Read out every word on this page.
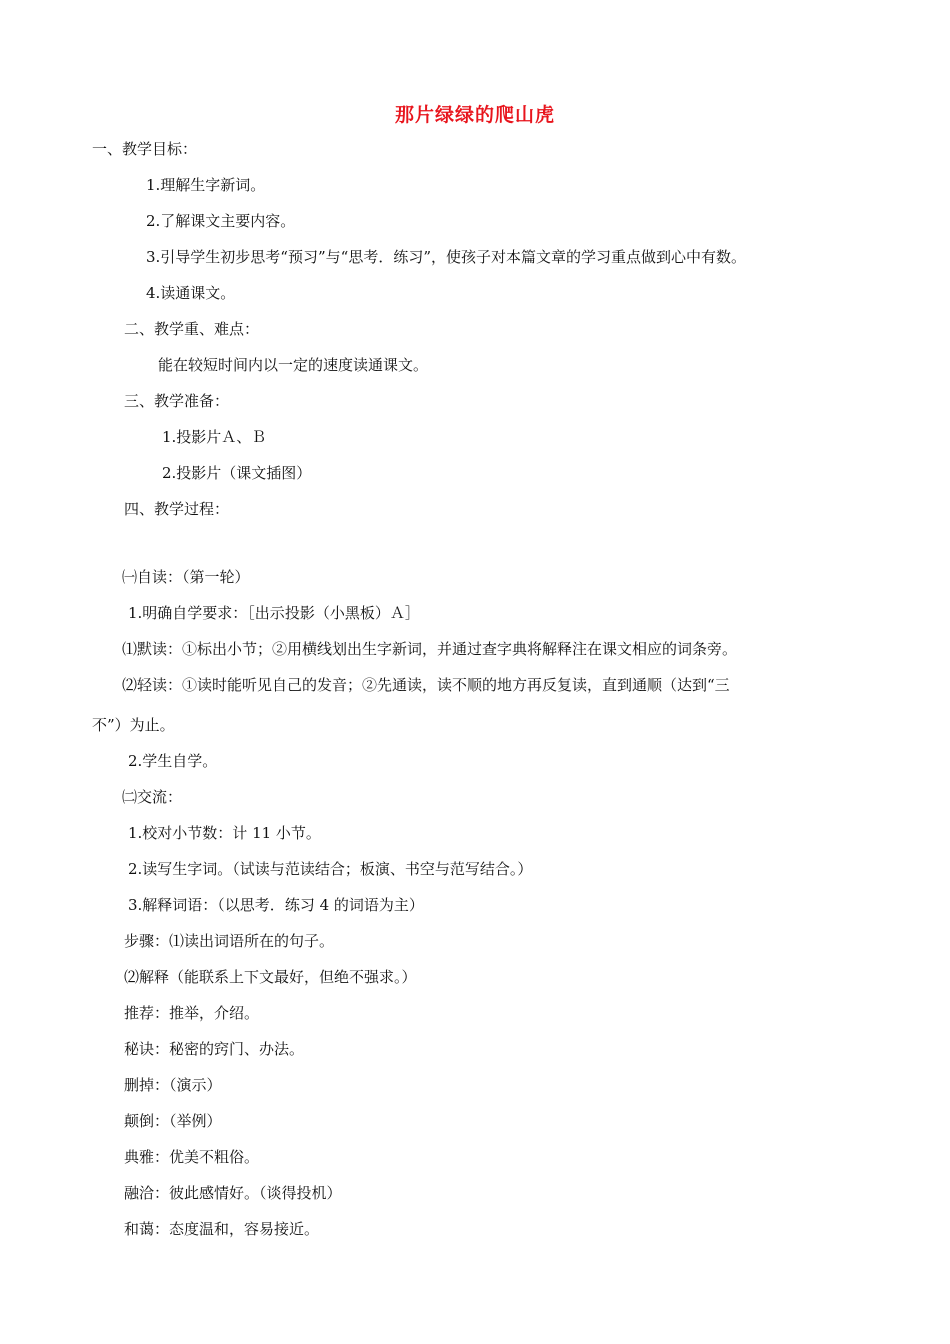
那片绿绿的爬山虎
一、教学目标：
1.理解生字新词。
2.了解课文主要内容。
3.引导学生初步思考“预习”与“思考．练习”，使孩子对本篇文章的学习重点做到心中有数。
4.读通课文。
二、教学重、难点：
能在较短时间内以一定的速度读通课文。
三、教学准备：
1.投影片Ａ、Ｂ
2.投影片（课文插图）
四、教学过程：
㈠自读：（第一轮）
1.明确自学要求：［出示投影（小黑板）Ａ］
⑴默读：①标出小节；②用横线划出生字新词，并通过查字典将解释注在课文相应的词条旁。
⑵轻读：①读时能听见自己的发音；②先通读，读不顺的地方再反复读，直到通顺（达到“三
不”）为止。
2.学生自学。
㈡交流：
1.校对小节数：计 11 小节。
2.读写生字词。（试读与范读结合；板演、书空与范写结合。）
3.解释词语：（以思考．练习 4 的词语为主）
步骤：⑴读出词语所在的句子。
⑵解释（能联系上下文最好，但绝不强求。）
推荐：推举，介绍。
秘诀：秘密的窍门、办法。
删掉：（演示）
颠倒：（举例）
典雅：优美不粗俗。
融洽：彼此感情好。（谈得投机）
和蔼：态度温和，容易接近。
